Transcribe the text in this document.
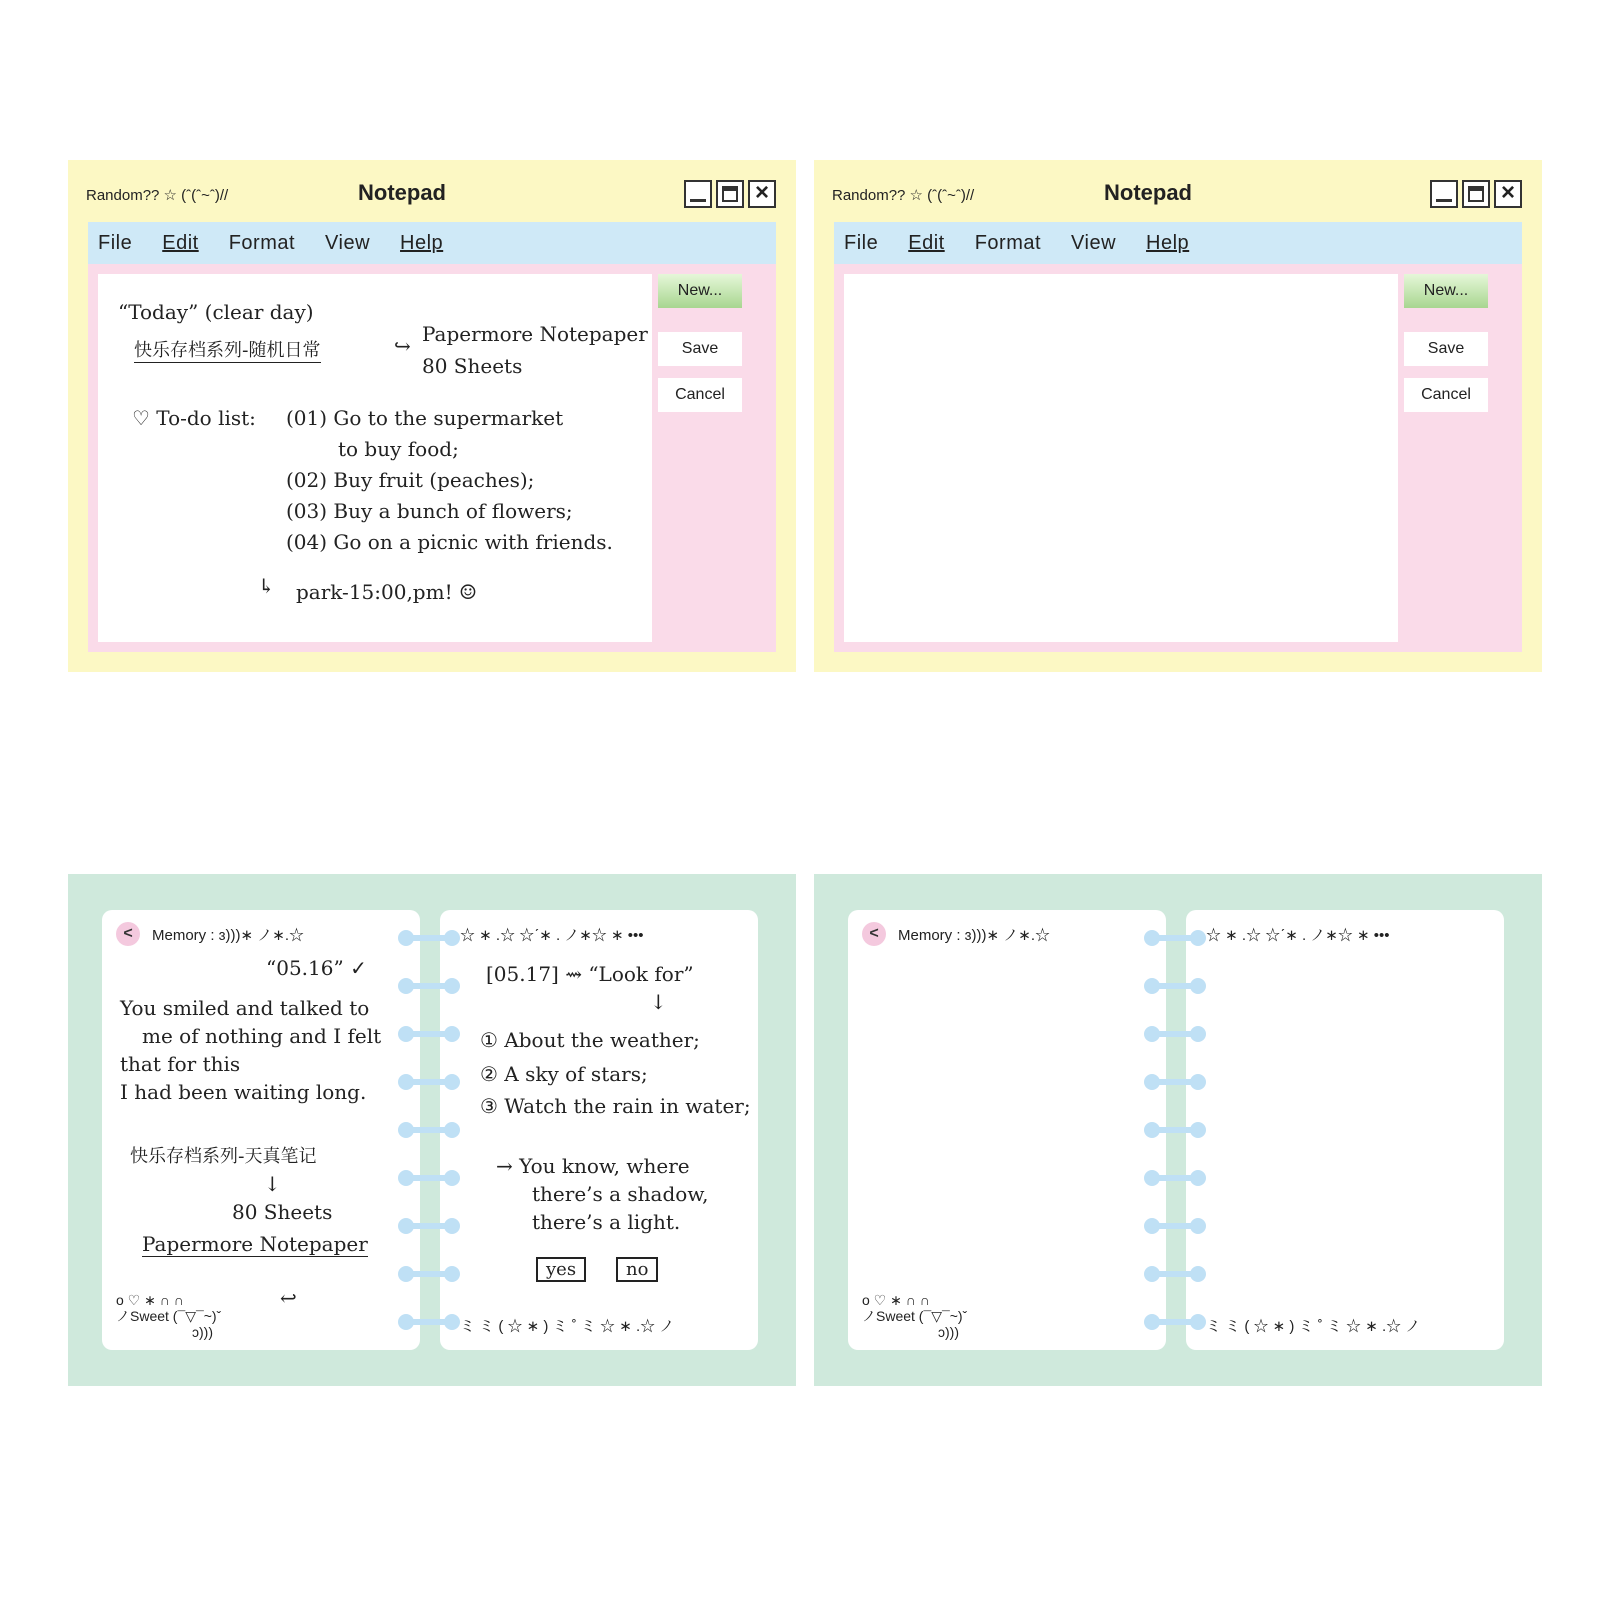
Random?? ☆ (ˆ(ˆ~ˆ)//	Notepad	×
File Edit Format View Help
“Today” (clear day)
快乐存档系列-随机日常	↪ Papermore Notepaper
80 Sheets
♡ To-do list: (01) Go to the supermarket
to buy food;
(02) Buy fruit (peaches);
(03) Buy a bunch of flowers;
(04) Go on a picnic with friends.
↳ park-15:00,pm! ☺
New...
Save
Cancel
Random?? ☆ (ˆ(ˆ~ˆ)//	Notepad	×
File Edit Format View Help
New...
Save
Cancel
<	Memory : ɜ)))∗ ノ∗.☆
“05.16” ✓
You smiled and talked to
me of nothing and I felt
that for this
I had been waiting long.
快乐存档系列-天真笔记
↓
80 Sheets
Papermore Notepaper
o ♡ ∗ ∩ ∩
ノSweet (¯▽¯~)ˇ
ɔ)))
↩
☆ ∗ .☆ ☆ˊ∗ . ノ∗☆ ∗ •••
[05.17] ⇝ “Look for”
↓
① About the weather;
② A sky of stars;
③ Watch the rain in water;
→ You know, where
there’s a shadow,
there’s a light.
yes	no
ミ ミ ( ☆ ∗ ) ミ ˚ ミ ☆ ∗ .☆ ノ
<	Memory : ɜ)))∗ ノ∗.☆
o ♡ ∗ ∩ ∩
ノSweet (¯▽¯~)ˇ
ɔ)))
☆ ∗ .☆ ☆ˊ∗ . ノ∗☆ ∗ •••
ミ ミ ( ☆ ∗ ) ミ ˚ ミ ☆ ∗ .☆ ノ
